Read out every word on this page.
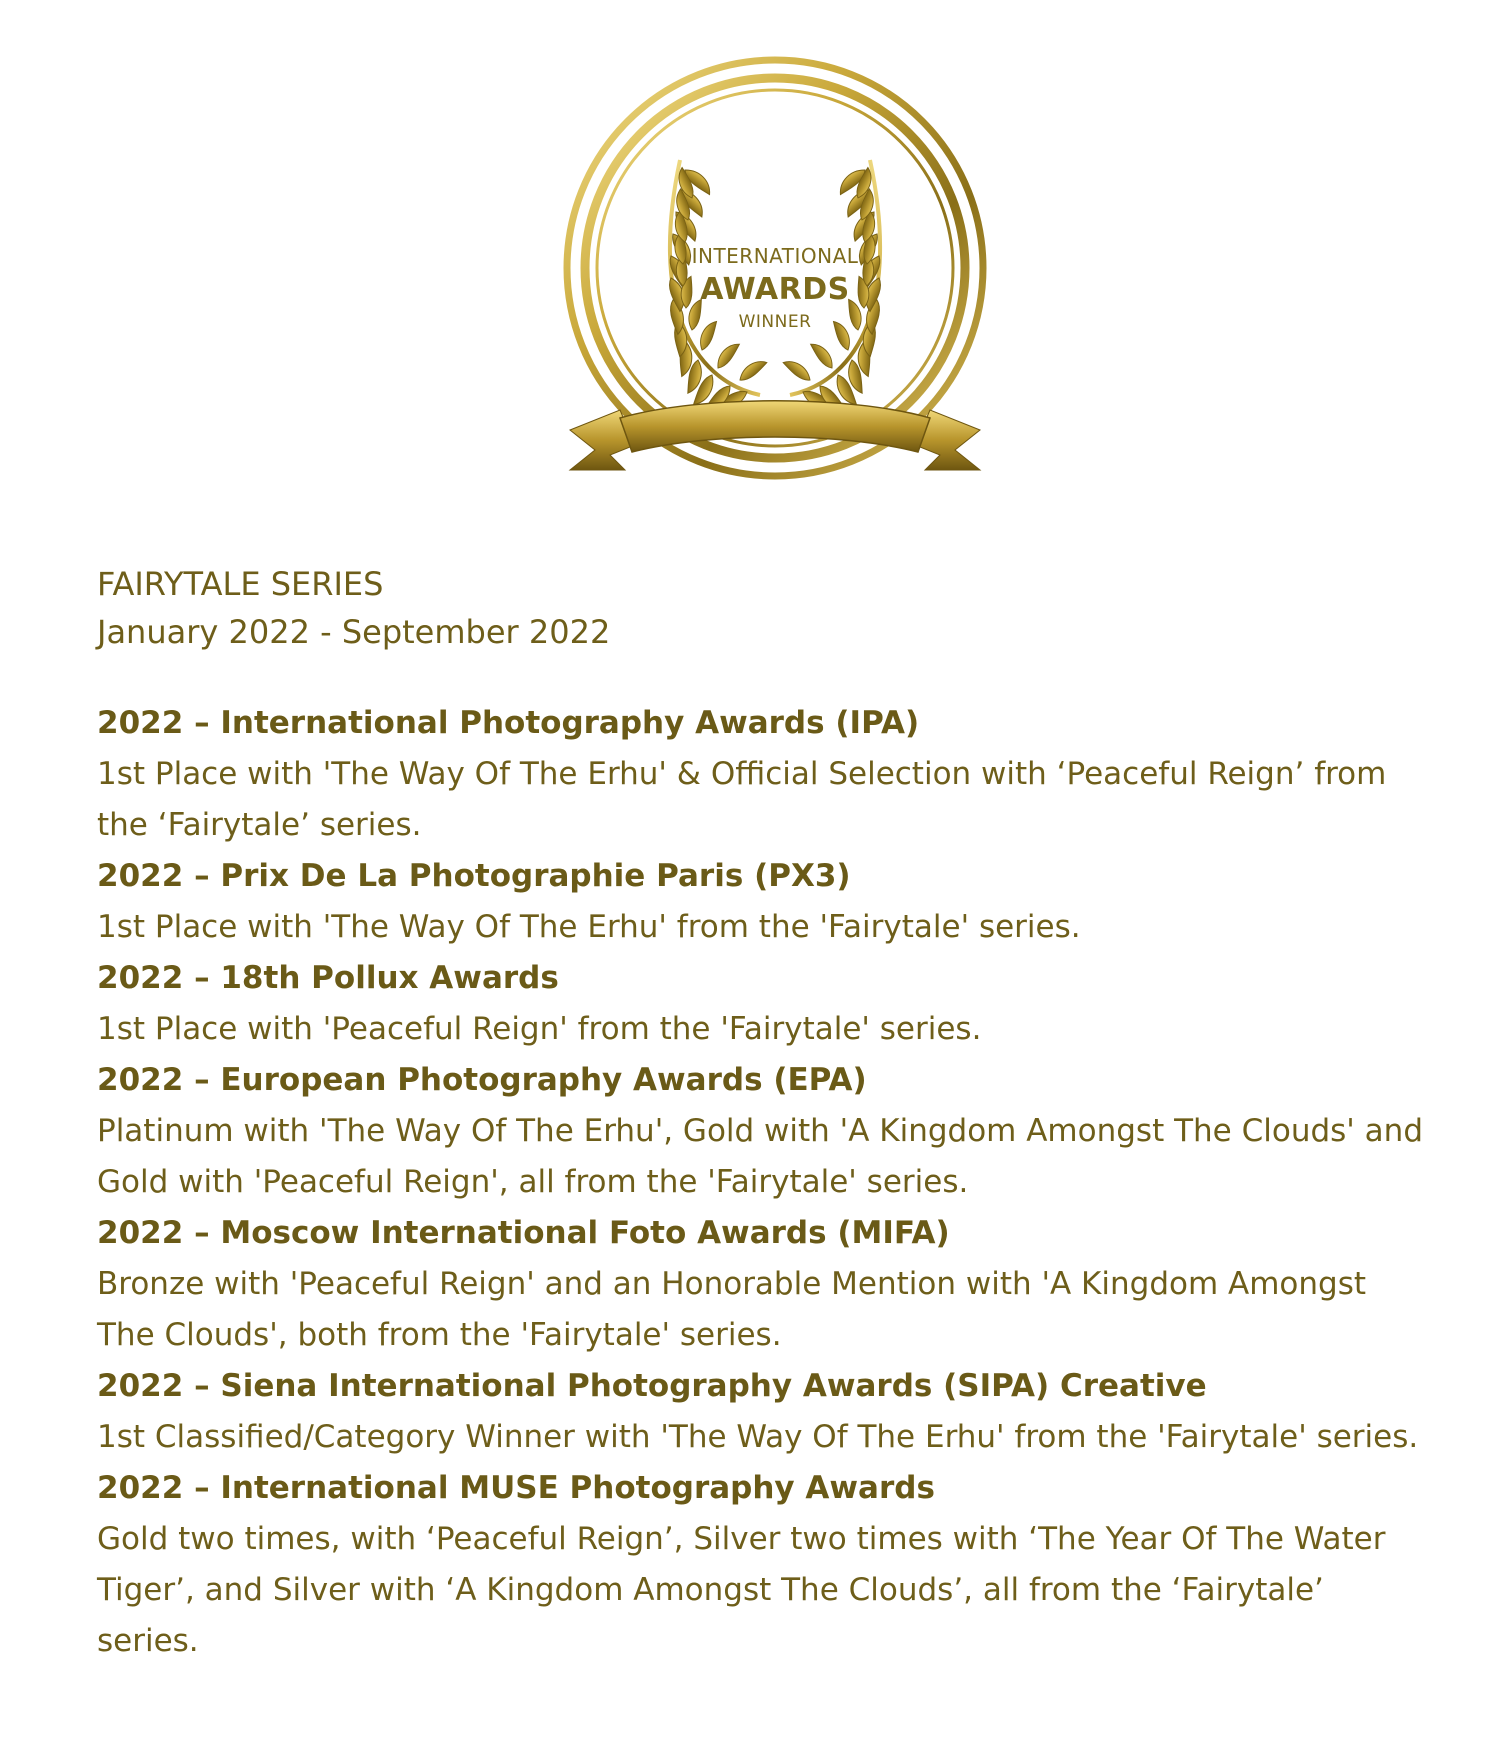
INTERNATIONAL
AWARDS
WINNER
FAIRYTALE SERIES
January 2022 - September 2022
2022 – International Photography Awards (IPA)
1st Place with 'The Way Of The Erhu' & Official Selection with ‘Peaceful Reign’ from the ‘Fairytale’ series.
2022 – Prix De La Photographie Paris (PX3)
1st Place with 'The Way Of The Erhu' from the 'Fairytale' series.
2022 – 18th Pollux Awards
1st Place with 'Peaceful Reign' from the 'Fairytale' series.
2022 – European Photography Awards (EPA)
Platinum with 'The Way Of The Erhu', Gold with 'A Kingdom Amongst The Clouds' and Gold with 'Peaceful Reign', all from the 'Fairytale' series.
2022 – Moscow International Foto Awards (MIFA)
Bronze with 'Peaceful Reign' and an Honorable Mention with 'A Kingdom Amongst The Clouds', both from the 'Fairytale' series.
2022 – Siena International Photography Awards (SIPA) Creative
1st Classified/Category Winner with 'The Way Of The Erhu' from the 'Fairytale' series.
2022 – International MUSE Photography Awards
Gold two times, with ‘Peaceful Reign’, Silver two times with ‘The Year Of The Water Tiger’, and Silver with ‘A Kingdom Amongst The Clouds’, all from the ‘Fairytale’ series.
